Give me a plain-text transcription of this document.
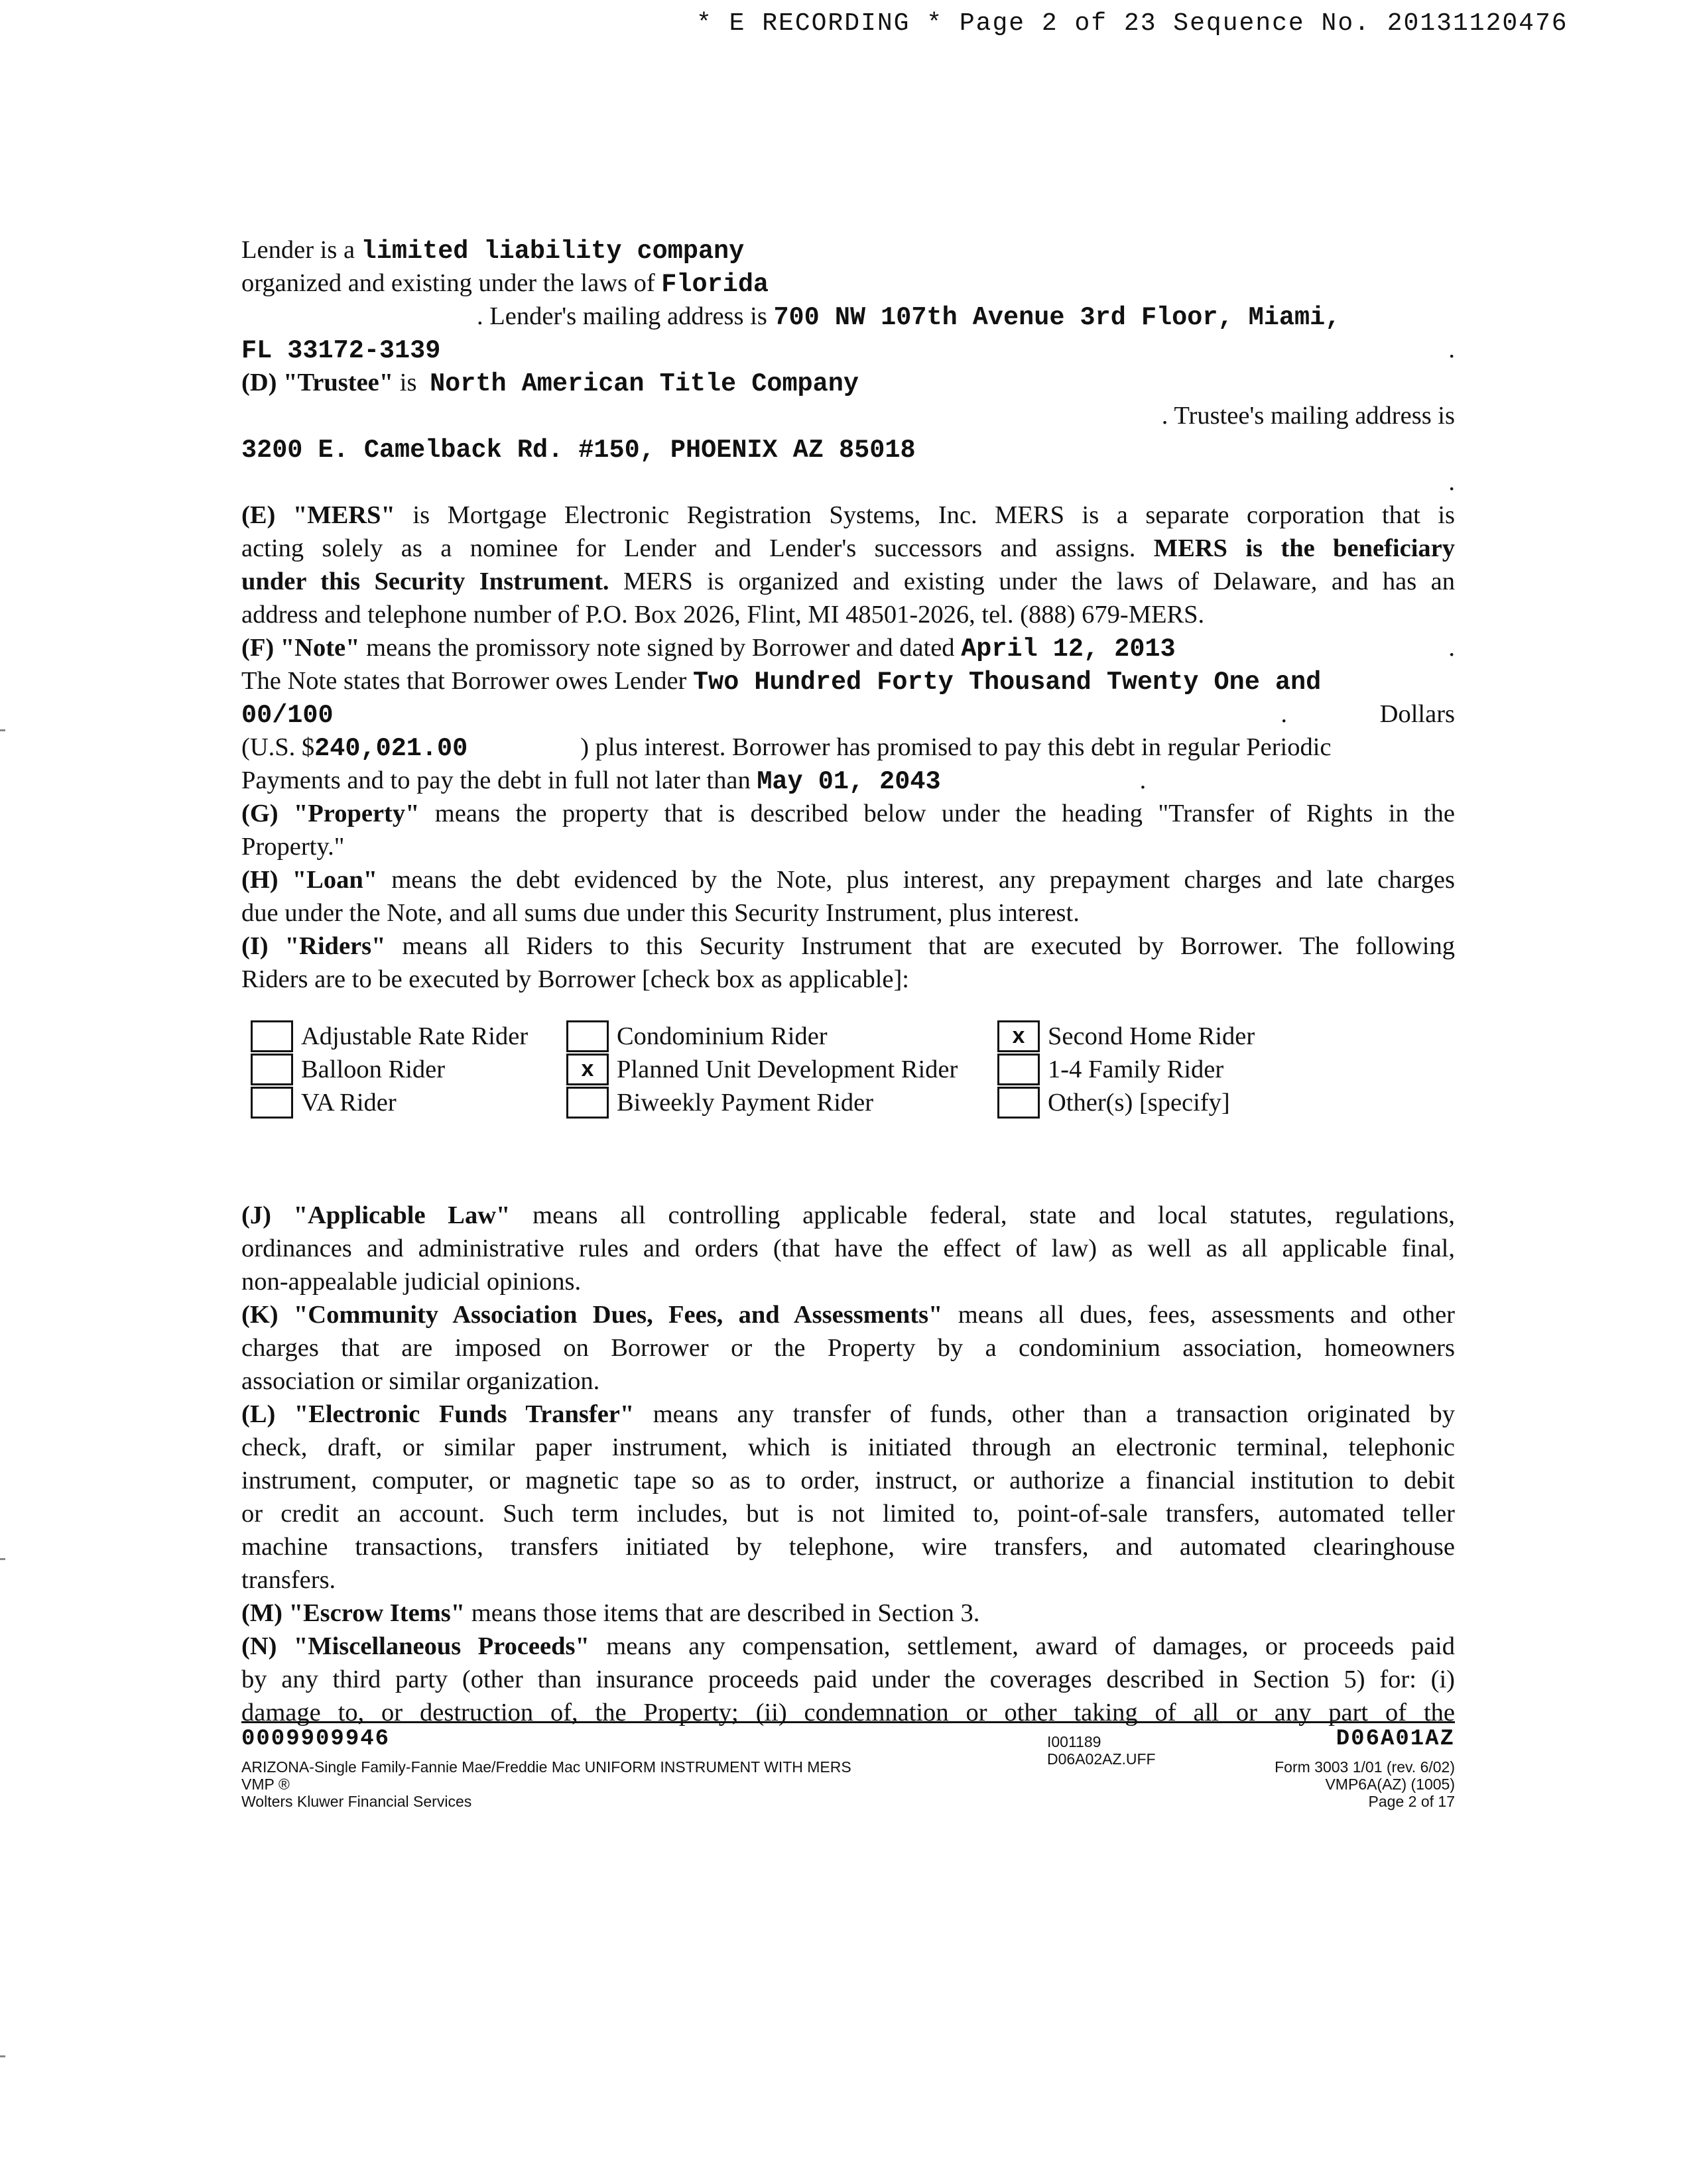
* E RECORDING * Page 2 of 23 Sequence No. 20131120476
Lender is a limited liability company
organized and existing under the laws of Florida
. Lender's mailing address is 700 NW 107th Avenue 3rd Floor, Miami,
FL 33172-3139	.
(D) "Trustee" is North American Title Company
. Trustee's mailing address is
3200 E. Camelback Rd. #150, PHOENIX AZ 85018
.
(E) "MERS" is Mortgage Electronic Registration Systems, Inc. MERS is a separate corporation that is
acting solely as a nominee for Lender and Lender's successors and assigns. MERS is the beneficiary
under this Security Instrument. MERS is organized and existing under the laws of Delaware, and has an
address and telephone number of P.O. Box 2026, Flint, MI 48501-2026, tel. (888) 679-MERS.
(F) "Note" means the promissory note signed by Borrower and dated April 12, 2013	.
The Note states that Borrower owes Lender Two Hundred Forty Thousand Twenty One and
00/100	. Dollars
(U.S. $240,021.00	) plus interest. Borrower has promised to pay this debt in regular Periodic
Payments and to pay the debt in full not later than May 01, 2043	.
(G) "Property" means the property that is described below under the heading "Transfer of Rights in the
Property."
(H) "Loan" means the debt evidenced by the Note, plus interest, any prepayment charges and late charges
due under the Note, and all sums due under this Security Instrument, plus interest.
(I) "Riders" means all Riders to this Security Instrument that are executed by Borrower. The following
Riders are to be executed by Borrower [check box as applicable]:
Adjustable Rate Rider	Condominium Rider	x Second Home Rider
Balloon Rider	x Planned Unit Development Rider	1-4 Family Rider
VA Rider	Biweekly Payment Rider	Other(s) [specify]
(J) "Applicable Law" means all controlling applicable federal, state and local statutes, regulations,
ordinances and administrative rules and orders (that have the effect of law) as well as all applicable final,
non-appealable judicial opinions.
(K) "Community Association Dues, Fees, and Assessments" means all dues, fees, assessments and other
charges that are imposed on Borrower or the Property by a condominium association, homeowners
association or similar organization.
(L) "Electronic Funds Transfer" means any transfer of funds, other than a transaction originated by
check, draft, or similar paper instrument, which is initiated through an electronic terminal, telephonic
instrument, computer, or magnetic tape so as to order, instruct, or authorize a financial institution to debit
or credit an account. Such term includes, but is not limited to, point-of-sale transfers, automated teller
machine transactions, transfers initiated by telephone, wire transfers, and automated clearinghouse
transfers.
(M) "Escrow Items" means those items that are described in Section 3.
(N) "Miscellaneous Proceeds" means any compensation, settlement, award of damages, or proceeds paid
by any third party (other than insurance proceeds paid under the coverages described in Section 5) for: (i)
damage to, or destruction of, the Property; (ii) condemnation or other taking of all or any part of the
0009909946
ARIZONA-Single Family-Fannie Mae/Freddie Mac UNIFORM INSTRUMENT WITH MERS
VMP ®
Wolters Kluwer Financial Services
I001189
D06A02AZ.UFF
D06A01AZ
Form 3003 1/01 (rev. 6/02)
VMP6A(AZ) (1005)
Page 2 of 17
